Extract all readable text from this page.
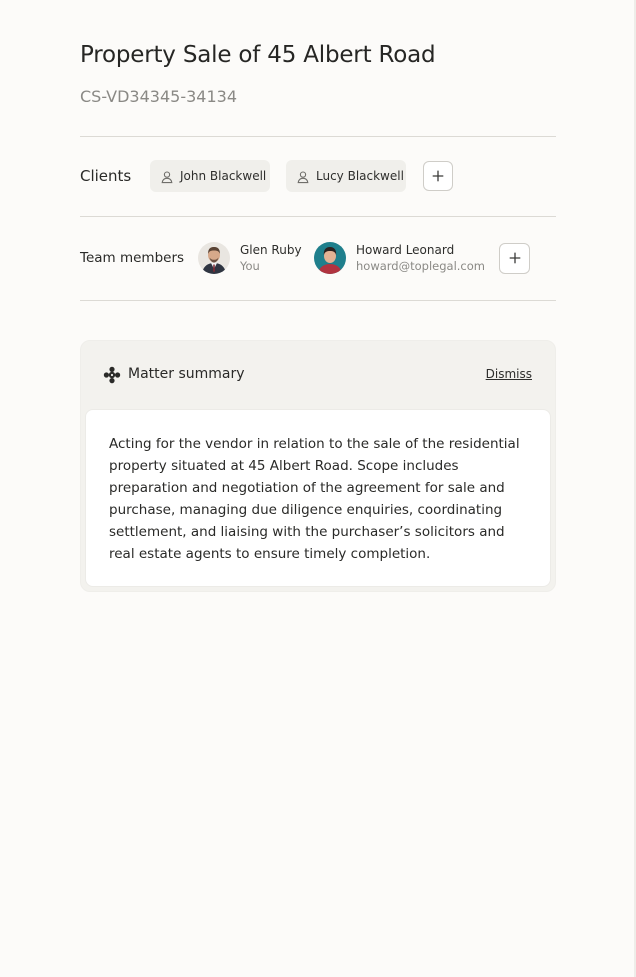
Property Sale of 45 Albert Road
CS-VD34345-34134
Clients	John Blackwell	Lucy Blackwell
Team members	Glen Ruby
You
Howard Leonard
howard@toplegal.com
Matter summary	Dismiss
Acting for the vendor in relation to the sale of the residential property situated at 45 Albert Road. Scope includes preparation and negotiation of the agreement for sale and purchase, managing due diligence enquiries, coordinating settlement, and liaising with the purchaser’s solicitors and real estate agents to ensure timely completion.
